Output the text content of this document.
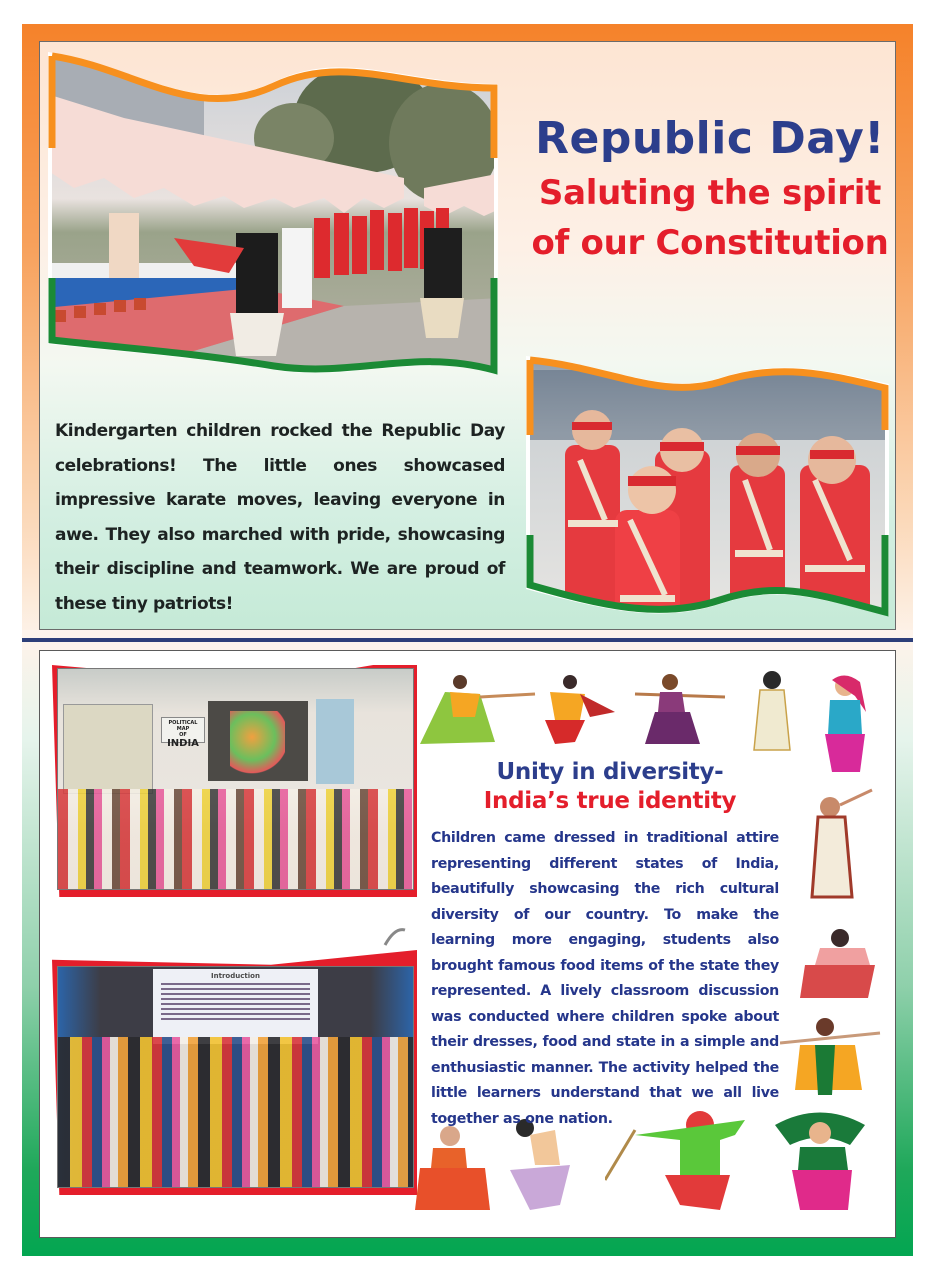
Republic Day!
Saluting the spirit
of our Constitution
Kindergarten children rocked the Republic Day celebrations! The little ones showcased impressive karate moves, leaving everyone in awe. They also marched with pride, showcasing their discipline and teamwork. We are proud of these tiny patriots!
POLITICAL MAP
OF
INDIA
Introduction
Unity in diversity-
India’s true identity
Children came dressed in traditional attire representing different states of India, beautifully showcasing the rich cultural diversity of our country. To make the learning more engaging, students also brought famous food items of the state they represented. A lively classroom discussion was conducted where children spoke about their dresses, food and state in a simple and enthusiastic manner. The activity helped the little learners understand that we all live together as one nation.
